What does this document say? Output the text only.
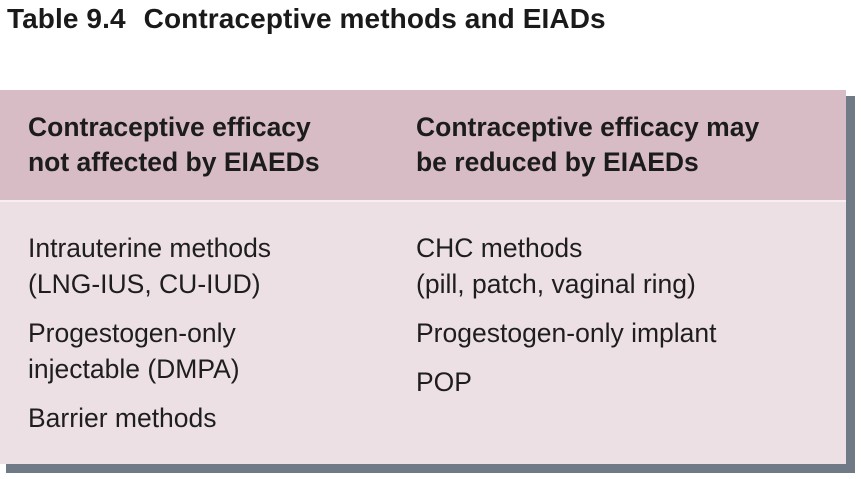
Table 9.4 Contraceptive methods and EIADs
Contraceptive efficacy
not affected by EIAEDs
Contraceptive efficacy may
be reduced by EIAEDs
Intrauterine methods
(LNG-IUS, CU-IUD)
Progestogen-only
injectable (DMPA)
Barrier methods
CHC methods
(pill, patch, vaginal ring)
Progestogen-only implant
POP
